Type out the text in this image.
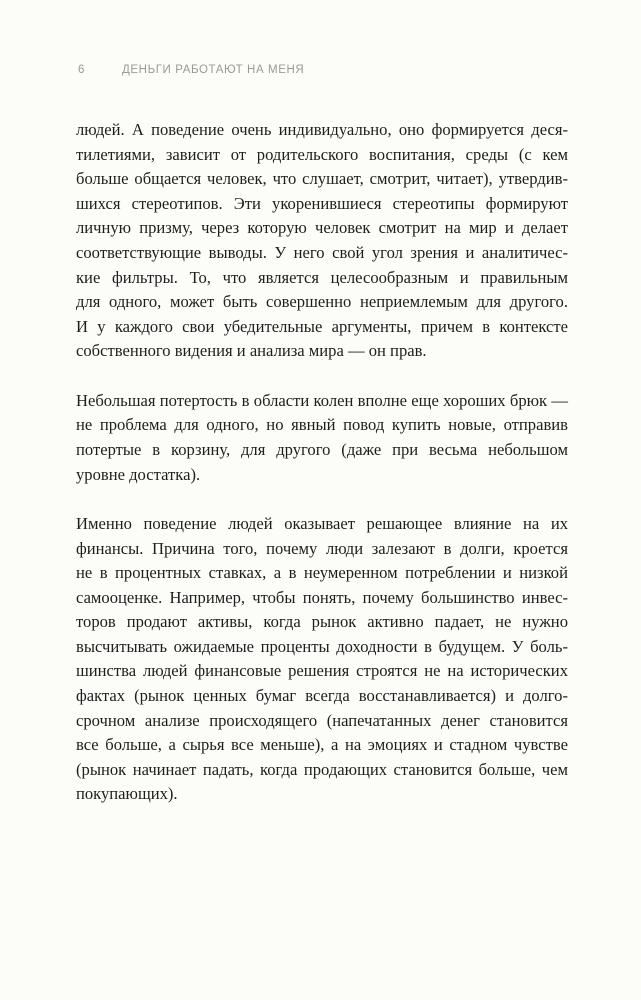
6	ДЕНЬГИ РАБОТАЮТ НА МЕНЯ
людей. А поведение очень индивидуально, оно формируется деся-
тилетиями, зависит от родительского воспитания, среды (с кем
больше общается человек, что слушает, смотрит, читает), утвердив-
шихся стереотипов. Эти укоренившиеся стереотипы формируют
личную призму, через которую человек смотрит на мир и делает
соответствующие выводы. У него свой угол зрения и аналитичес-
кие фильтры. То, что является целесообразным и правильным
для одного, может быть совершенно неприемлемым для другого.
И у каждого свои убедительные аргументы, причем в контексте
собственного видения и анализа мира — он прав.
Небольшая потертость в области колен вполне еще хороших брюк —
не проблема для одного, но явный повод купить новые, отправив
потертые в корзину, для другого (даже при весьма небольшом
уровне достатка).
Именно поведение людей оказывает решающее влияние на их
финансы. Причина того, почему люди залезают в долги, кроется
не в процентных ставках, а в неумеренном потреблении и низкой
самооценке. Например, чтобы понять, почему большинство инвес-
торов продают активы, когда рынок активно падает, не нужно
высчитывать ожидаемые проценты доходности в будущем. У боль-
шинства людей финансовые решения строятся не на исторических
фактах (рынок ценных бумаг всегда восстанавливается) и долго-
срочном анализе происходящего (напечатанных денег становится
все больше, а сырья все меньше), а на эмоциях и стадном чувстве
(рынок начинает падать, когда продающих становится больше, чем
покупающих).
